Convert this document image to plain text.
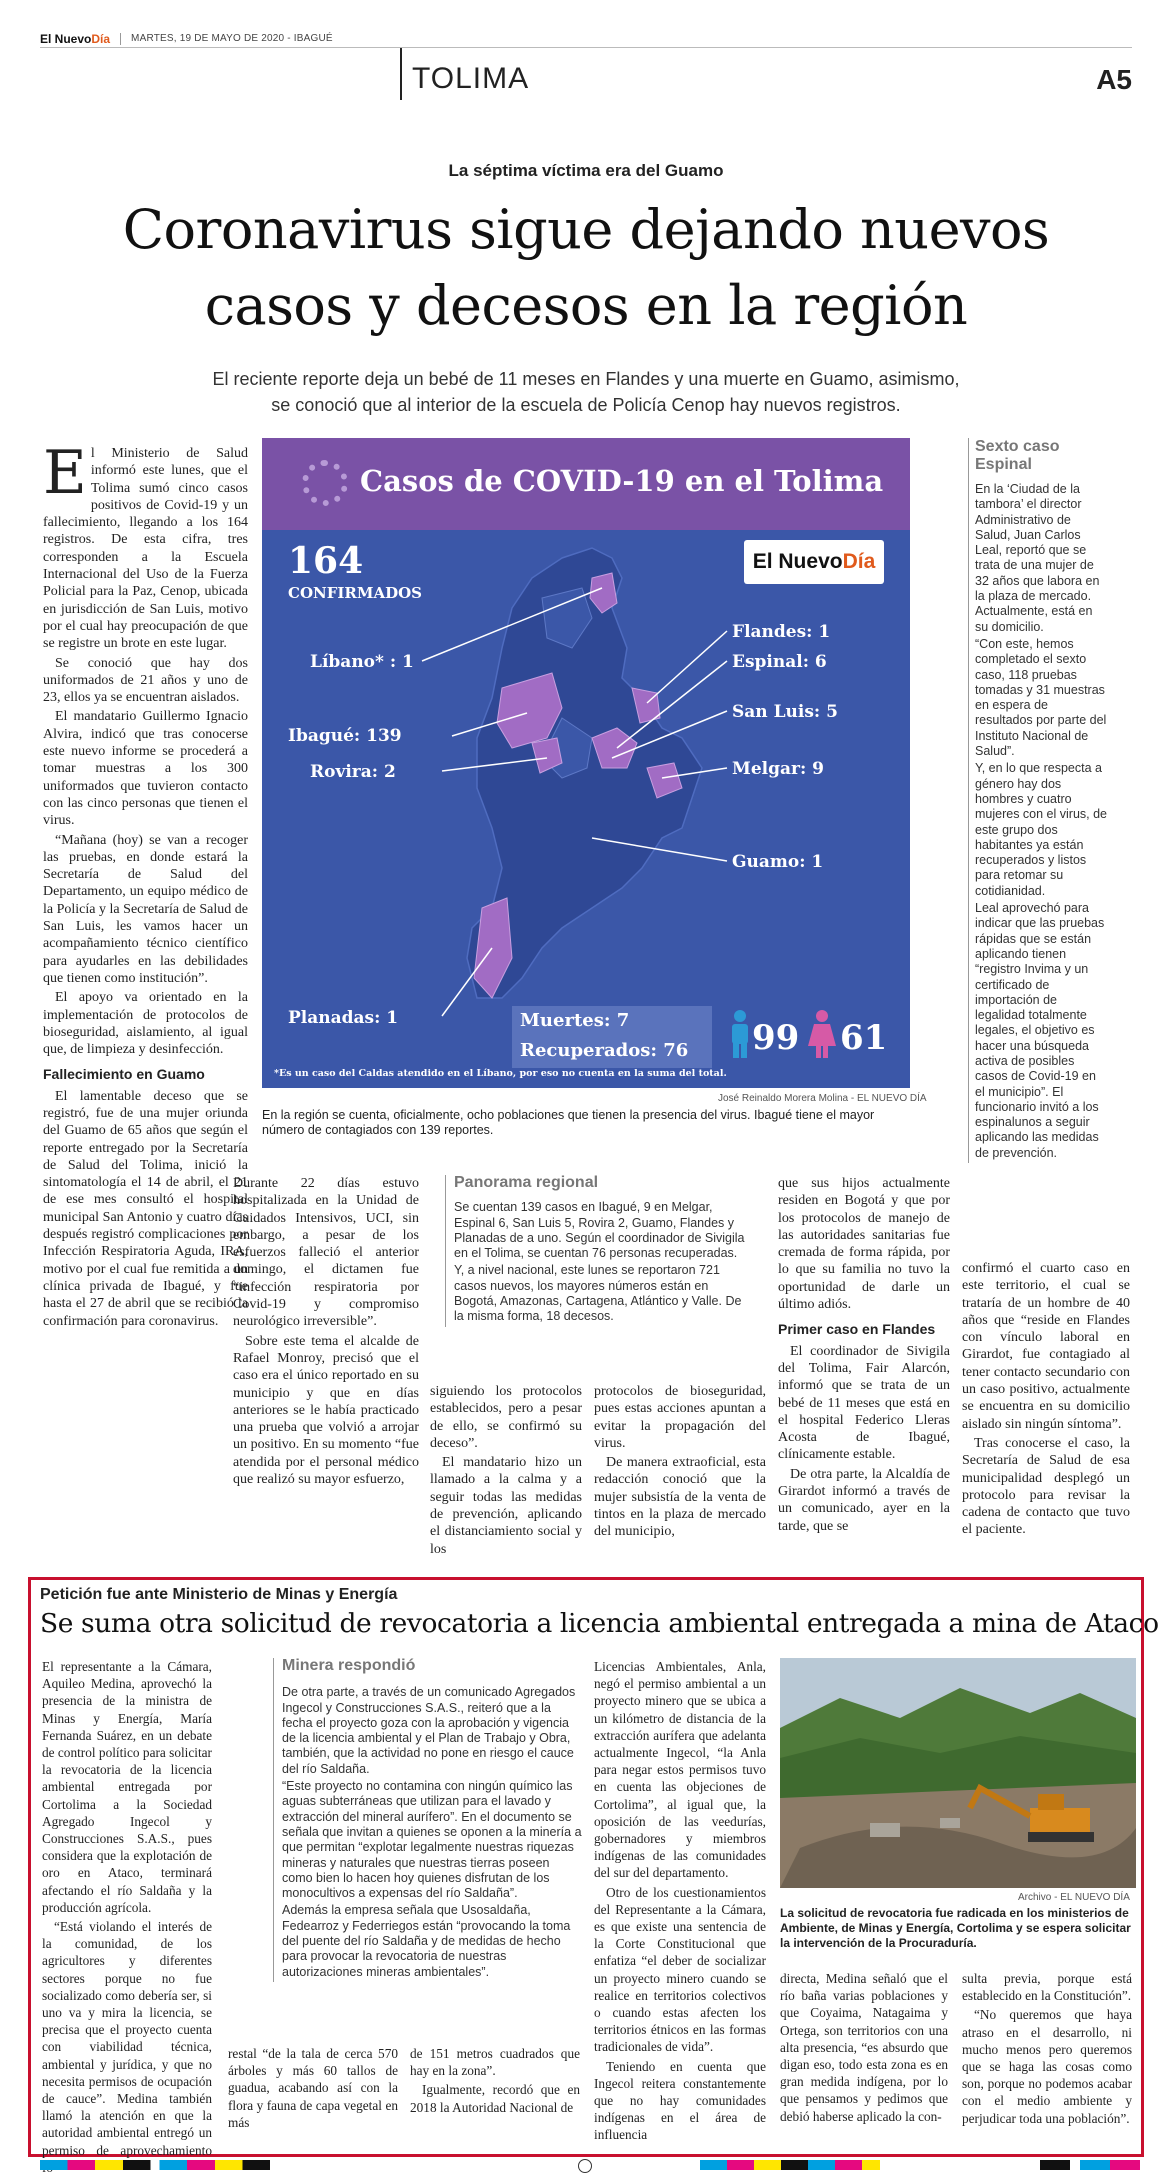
El NuevoDía MARTES, 19 DE MAYO DE 2020 - IBAGUÉ
TOLIMA	A5
La séptima víctima era del Guamo
Coronavirus sigue dejando nuevos
casos y decesos en la región
El reciente reporte deja un bebé de 11 meses en Flandes y una muerte en Guamo, asimismo,
se conoció que al interior de la escuela de Policía Cenop hay nuevos registros.

El Ministerio de Salud informó este lunes, que el Tolima sumó cinco casos positivos de Covid-19 y un fallecimiento, llegando a los 164 registros. De esta cifra, tres corresponden a la Escuela Internacional del Uso de la Fuerza Policial para la Paz, Cenop, ubicada en jurisdicción de San Luis, motivo por el cual hay preocupación de que se registre un brote en este lugar.

Se conoció que hay dos uniformados de 21 años y uno de 23, ellos ya se encuentran aislados.

El mandatario Guillermo Ignacio Alvira, indicó que tras conocerse este nuevo informe se procederá a tomar muestras a los 300 uniformados que tuvieron contacto con las cinco personas que tienen el virus.

“Mañana (hoy) se van a recoger las pruebas, en donde estará la Secretaría de Salud del Departamento, un equipo médico de la Policía y la Secretaría de Salud de San Luis, les vamos hacer un acompañamiento técnico científico para ayudarles en las debilidades que tienen como institución”.

El apoyo va orientado en la implementación de protocolos de bioseguridad, aislamiento, al igual que, de limpieza y desinfección.

Fallecimiento en Guamo

El lamentable deceso que se registró, fue de una mujer oriunda del Guamo de 65 años que según el reporte entregado por la Secretaría de Salud del Tolima, inició la sintomatología el 14 de abril, el 21 de ese mes consultó el hospital municipal San Antonio y cuatro días después registró complicaciones por Infección Respiratoria Aguda, IRA, motivo por el cual fue remitida a un clínica privada de Ibagué, y fue hasta el 27 de abril que se recibió la confirmación para coronavirus.

Casos de COVID-19 en el Tolima
164
CONFIRMADOS
El NuevoDía
Líbano* : 1
Ibagué: 139
Rovira: 2
Planadas: 1
Flandes: 1
Espinal: 6
San Luis: 5
Melgar: 9
Guamo: 1
Muertes: 7
Recuperados: 76	99 61
*Es un caso del Caldas atendido en el Líbano, por eso no cuenta en la suma del total.
José Reinaldo Morera Molina - EL NUEVO DÍA
En la región se cuenta, oficialmente, ocho poblaciones que tienen la presencia del virus. Ibagué tiene el mayor número de contagiados con 139 reportes.
Sexto caso
Espinal

En la ‘Ciudad de la tambora’ el director Administrativo de Salud, Juan Carlos Leal, reportó que se trata de una mujer de 32 años que labora en la plaza de mercado. Actualmente, está en su domicilio.

“Con este, hemos completado el sexto caso, 118 pruebas tomadas y 31 muestras en espera de resultados por parte del Instituto Nacional de Salud”.

Y, en lo que respecta a género hay dos hombres y cuatro mujeres con el virus, de este grupo dos habitantes ya están recuperados y listos para retomar su cotidianidad.

Leal aprovechó para indicar que las pruebas rápidas que se están aplicando tienen “registro Invima y un certificado de importación de legalidad totalmente legales, el objetivo es hacer una búsqueda activa de posibles casos de Covid-19 en el municipio”. El funcionario invitó a los espinalunos a seguir aplicando las medidas de prevención.

Durante 22 días estuvo hospitalizada en la Unidad de Cuidados Intensivos, UCI, sin embargo, a pesar de los esfuerzos falleció el anterior domingo, el dictamen fue “infección respiratoria por Covid-19 y compromiso neurológico irreversible”.

Sobre este tema el alcalde de Rafael Monroy, precisó que el caso era el único reportado en su municipio y que en días anteriores se le había practicado una prueba que volvió a arrojar un positivo. En su momento “fue atendida por el personal médico que realizó su mayor esfuerzo,

Panorama regional

Se cuentan 139 casos en Ibagué, 9 en Melgar, Espinal 6, San Luis 5, Rovira 2, Guamo, Flandes y Planadas de a uno. Según el coordinador de Sivigila en el Tolima, se cuentan 76 personas recuperadas.

Y, a nivel nacional, este lunes se reportaron 721 casos nuevos, los mayores números están en Bogotá, Amazonas, Cartagena, Atlántico y Valle. De la misma forma, 18 decesos.

siguiendo los protocolos establecidos, pero a pesar de ello, se confirmó su deceso”.

El mandatario hizo un llamado a la calma y a seguir todas las medidas de prevención, aplicando el distanciamiento social y los

protocolos de bioseguridad, pues estas acciones apuntan a evitar la propagación del virus.

De manera extraoficial, esta redacción conoció que la mujer subsistía de la venta de tintos en la plaza de mercado del municipio,

que sus hijos actualmente residen en Bogotá y que por los protocolos de manejo de las autoridades sanitarias fue cremada de forma rápida, por lo que su familia no tuvo la oportunidad de darle un último adiós.

Primer caso en Flandes

El coordinador de Sivigila del Tolima, Fair Alarcón, informó que se trata de un bebé de 11 meses que está en el hospital Federico Lleras Acosta de Ibagué, clínicamente estable.

De otra parte, la Alcaldía de Girardot informó a través de un comunicado, ayer en la tarde, que se

confirmó el cuarto caso en este territorio, el cual se trataría de un hombre de 40 años que “reside en Flandes con vínculo laboral en Girardot, fue contagiado al tener contacto secundario con un caso positivo, actualmente se encuentra en su domicilio aislado sin ningún síntoma”.

Tras conocerse el caso, la Secretaría de Salud de esa municipalidad desplegó un protocolo para revisar la cadena de contacto que tuvo el paciente.

Petición fue ante Ministerio de Minas y Energía
Se suma otra solicitud de revocatoria a licencia ambiental entregada a mina de Ataco

El representante a la Cámara, Aquileo Medina, aprovechó la presencia de la ministra de Minas y Energía, María Fernanda Suárez, en un debate de control político para solicitar la revocatoria de la licencia ambiental entregada por Cortolima a la Sociedad Agregado Ingecol y Construcciones S.A.S., pues considera que la explotación de oro en Ataco, terminará afectando el río Saldaña y la producción agrícola.

“Está violando el interés de la comunidad, de los agricultores y diferentes sectores porque no fue socializado como debería ser, si uno va y mira la licencia, se precisa que el proyecto cuenta con viabilidad técnica, ambiental y jurídica, y que no necesita permisos de ocupación de cauce”. Medina también llamó la atención en que la autoridad ambiental entregó un permiso de aprovechamiento

Minera respondió

De otra parte, a través de un comunicado Agregados Ingecol y Construcciones S.A.S., reiteró que a la fecha el proyecto goza con la aprobación y vigencia de la licencia ambiental y el Plan de Trabajo y Obra, también, que la actividad no pone en riesgo el cauce del río Saldaña.

“Este proyecto no contamina con ningún químico las aguas subterráneas que utilizan para el lavado y extracción del mineral aurífero”. En el documento se señala que invitan a quienes se oponen a la minería a que permitan “explotar legalmente nuestras riquezas mineras y naturales que nuestras tierras poseen como bien lo hacen hoy quienes disfrutan de los monocultivos a expensas del río Saldaña”.

Además la empresa señala que Usosaldaña, Fedearroz y Federriegos están “provocando la toma del puente del río Saldaña y de medidas de hecho para provocar la revocatoria de nuestras autorizaciones mineras ambientales”.

restal “de la tala de cerca 570 árboles y más 60 tallos de guadua, acabando así con la flora y fauna de capa vegetal en más

de 151 metros cuadrados que hay en la zona”.

Igualmente, recordó que en 2018 la Autoridad Nacional de

Licencias Ambientales, Anla, negó el permiso ambiental a un proyecto minero que se ubica a un kilómetro de distancia de la extracción aurífera que adelanta actualmente Ingecol, “la Anla para negar estos permisos tuvo en cuenta las objeciones de Cortolima”, al igual que, la oposición de las veedurías, gobernadores y miembros indígenas de las comunidades del sur del departamento.

Otro de los cuestionamientos del Representante a la Cámara, es que existe una sentencia de la Corte Constitucional que enfatiza “el deber de socializar un proyecto minero cuando se realice en territorios colectivos o cuando estas afecten los territorios étnicos en las formas tradicionales de vida”.

Teniendo en cuenta que Ingecol reitera constantemente que no hay comunidades indígenas en el área de influencia

Archivo - EL NUEVO DÍA
La solicitud de revocatoria fue radicada en los ministerios de Ambiente, de Minas y Energía, Cortolima y se espera solicitar la intervención de la Procuraduría.

directa, Medina señaló que el río baña varias poblaciones y que Coyaima, Natagaima y Ortega, son territorios con una alta presencia, “es absurdo que digan eso, todo esta zona es en gran medida indígena, por lo que pensamos y pedimos que debió haberse aplicado la con-

sulta previa, porque está establecido en la Constitución”.

“No queremos que haya atraso en el desarrollo, ni mucho menos pero queremos que se haga las cosas como son, porque no podemos acabar con el medio ambiente y perjudicar toda una población”.
